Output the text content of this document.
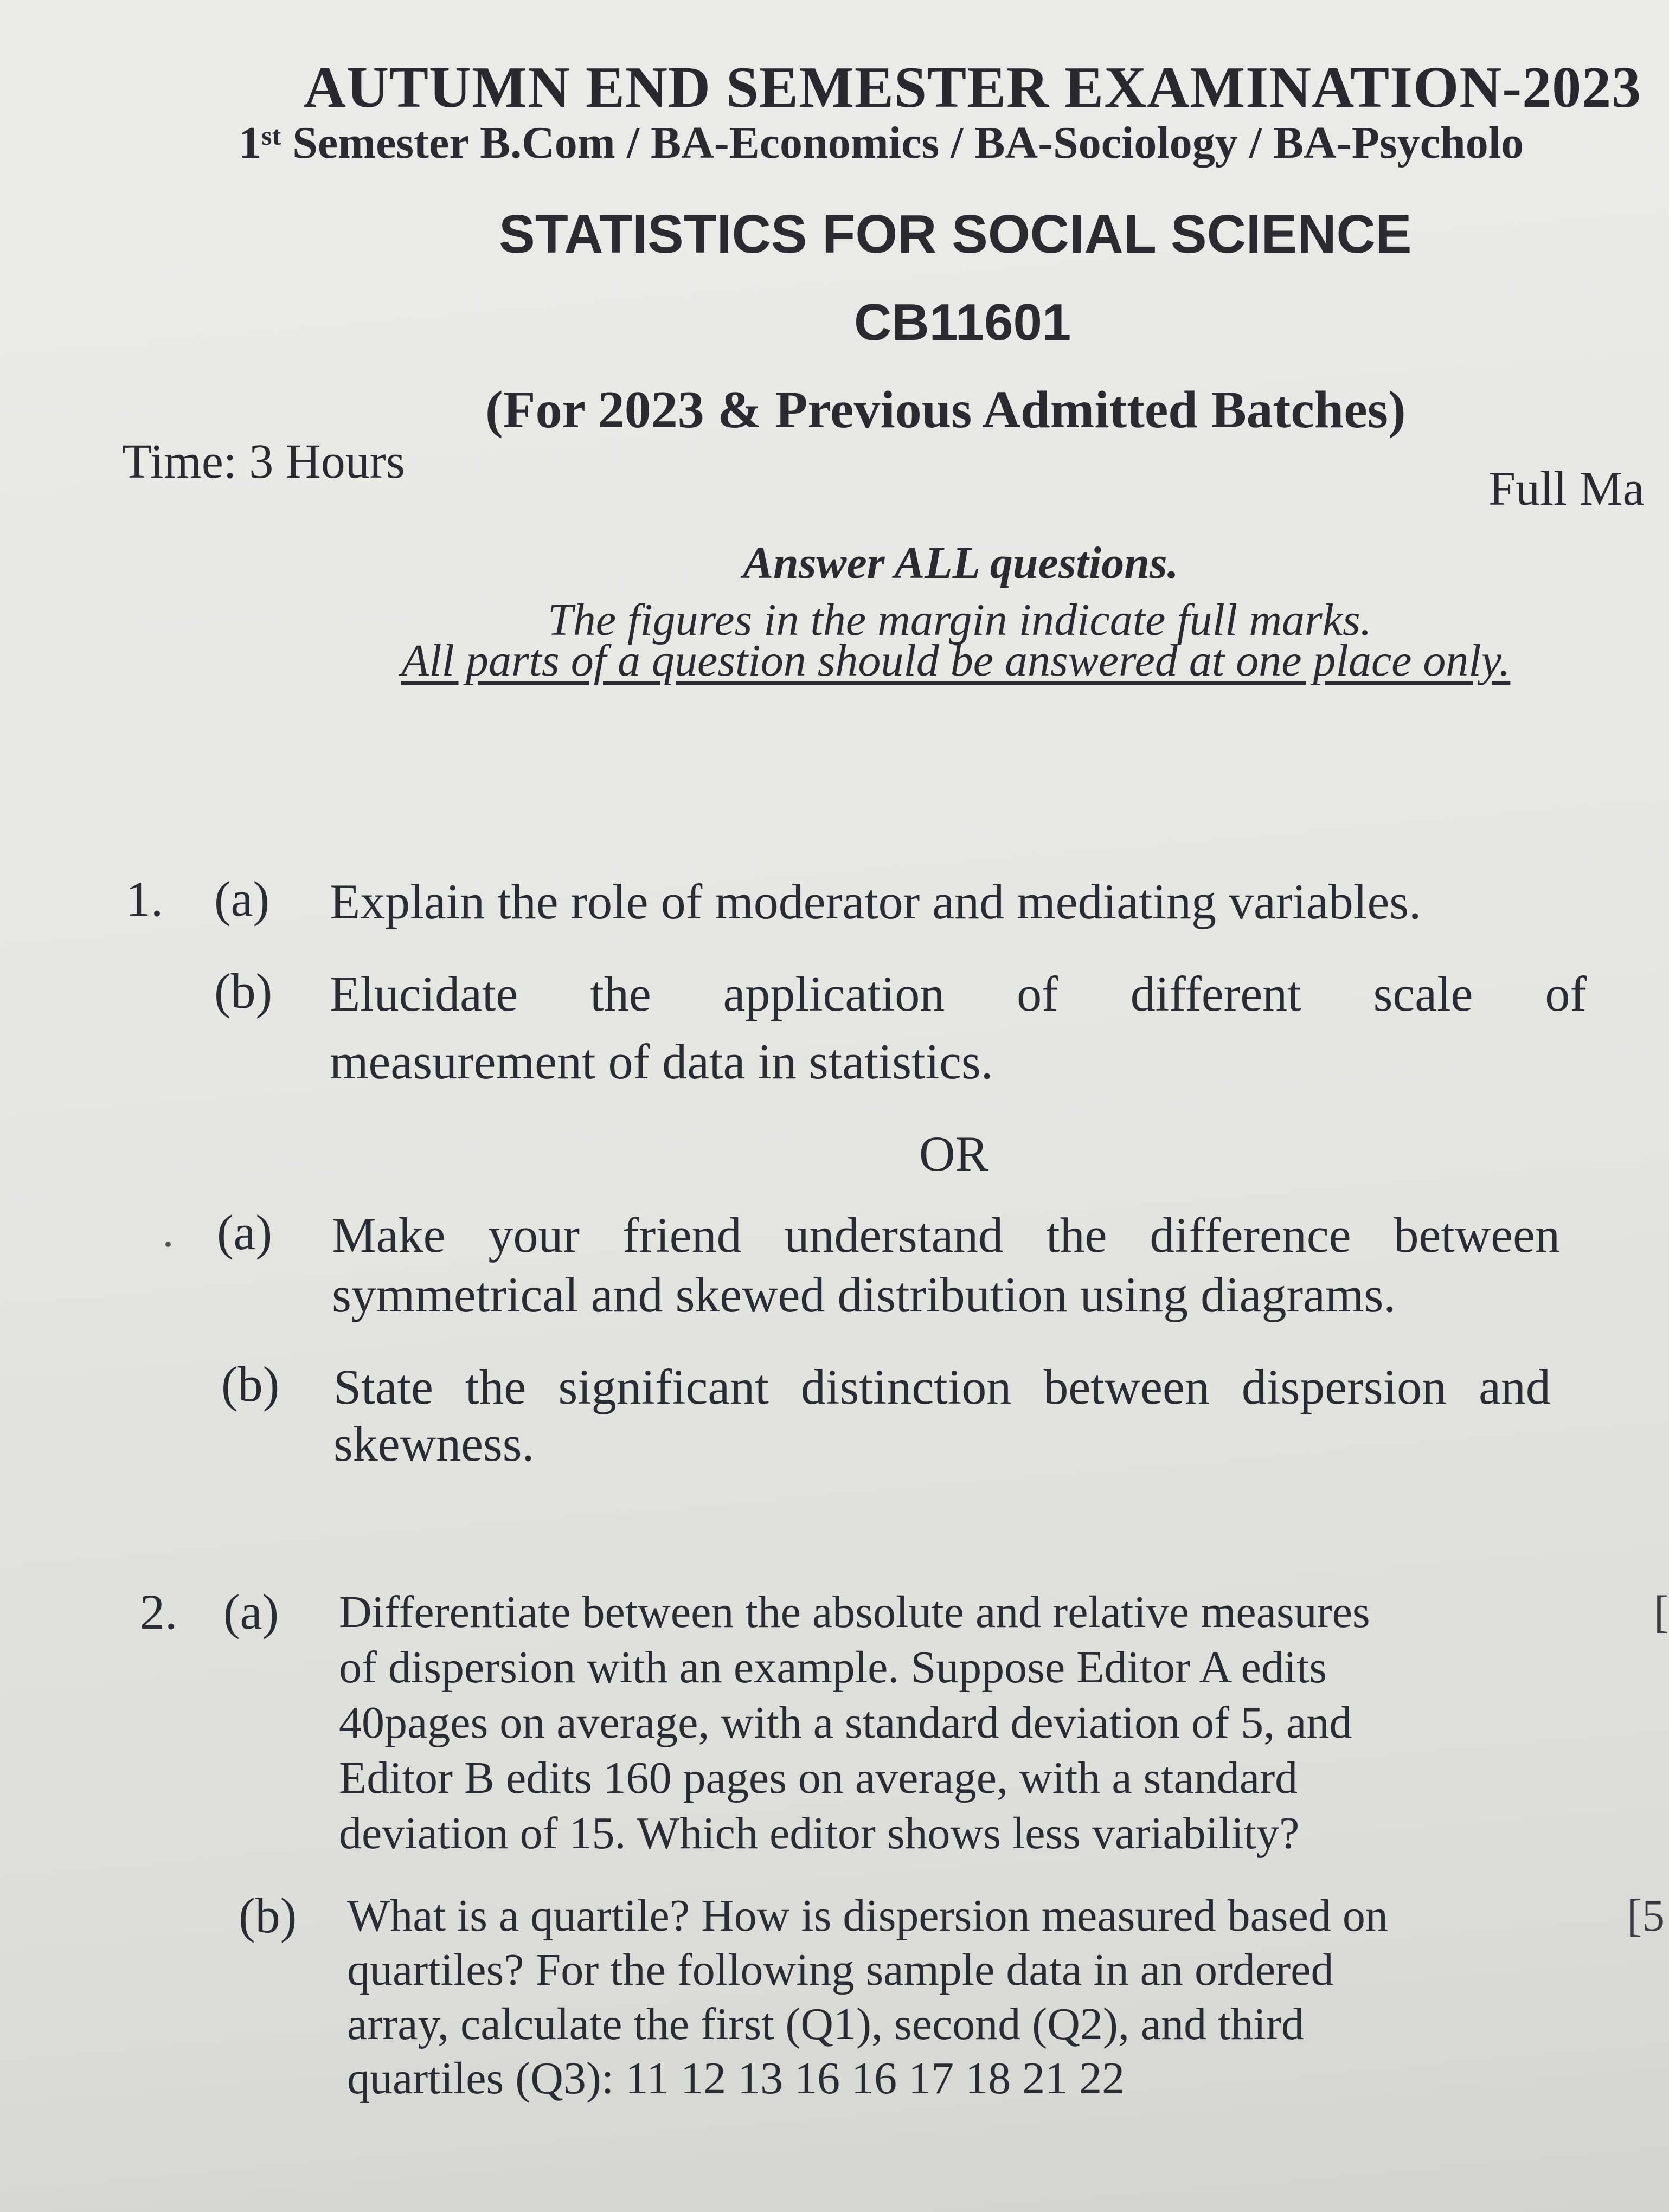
AUTUMN END SEMESTER EXAMINATION-2023
1st Semester B.Com / BA-Economics / BA-Sociology / BA-Psycholo
STATISTICS FOR SOCIAL SCIENCE
CB11601
(For 2023 & Previous Admitted Batches)
Time: 3 Hours
Full Ma
Answer ALL questions.
The figures in the margin indicate full marks.
All parts of a question should be answered at one place only.
1. (a) Explain the role of moderator and mediating variables.
(b) Elucidate the application of different scale of
measurement of data in statistics.
OR
(a) Make your friend understand the difference between
symmetrical and skewed distribution using diagrams.
(b) State the significant distinction between dispersion and
skewness.
2. (a) Differentiate between the absolute and relative measures
of dispersion with an example. Suppose Editor A edits
40pages on average, with a standard deviation of 5, and
Editor B edits 160 pages on average, with a standard
deviation of 15. Which editor shows less variability?
[
(b) What is a quartile? How is dispersion measured based on
quartiles? For the following sample data in an ordered
array, calculate the first (Q1), second (Q2), and third
quartiles (Q3): 11 12 13 16 16 17 18 21 22
[5
